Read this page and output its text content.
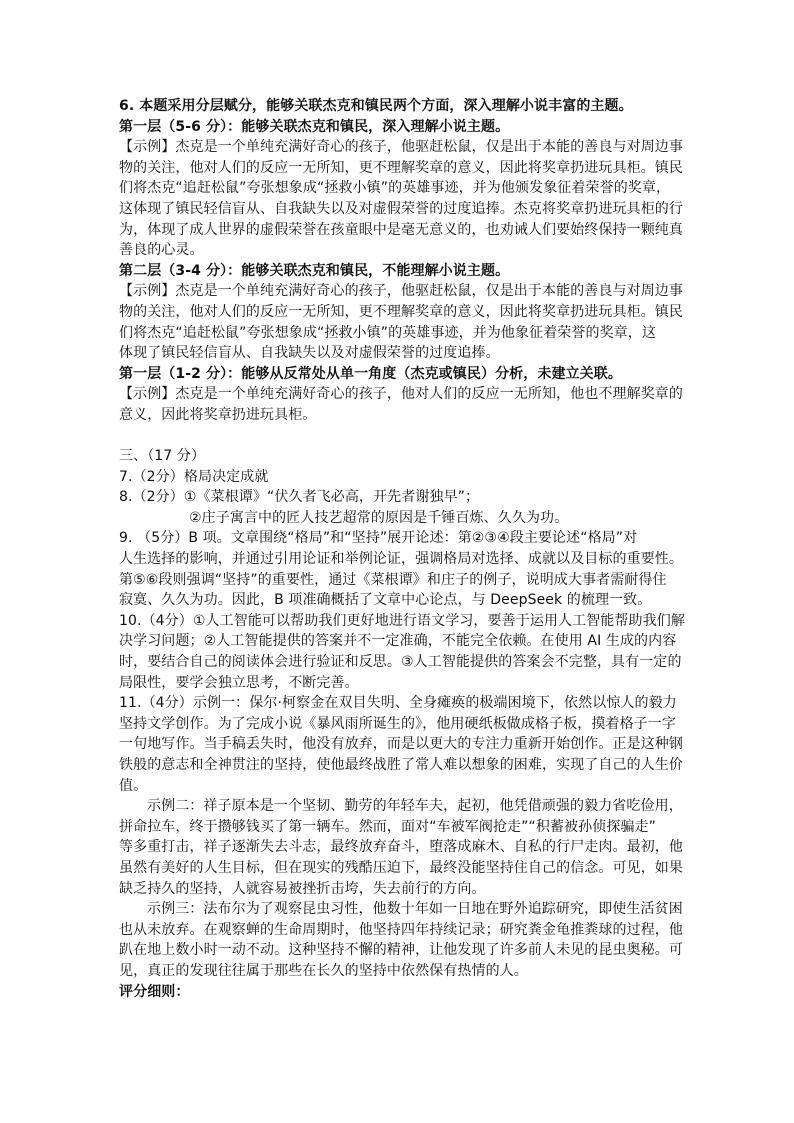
6. 本题采用分层赋分，能够关联杰克和镇民两个方面，深入理解小说丰富的主题。
第一层（5-6 分）：能够关联杰克和镇民，深入理解小说主题。
【示例】杰克是一个单纯充满好奇心的孩子，他驱赶松鼠，仅是出于本能的善良与对周边事
物的关注，他对人们的反应一无所知，更不理解奖章的意义，因此将奖章扔进玩具柜。镇民
们将杰克“追赶松鼠”夸张想象成“拯救小镇”的英雄事迹，并为他颁发象征着荣誉的奖章，
这体现了镇民轻信盲从、自我缺失以及对虚假荣誉的过度追捧。杰克将奖章扔进玩具柜的行
为，体现了成人世界的虚假荣誉在孩童眼中是毫无意义的，也劝诫人们要始终保持一颗纯真
善良的心灵。
第二层（3-4 分）：能够关联杰克和镇民，不能理解小说主题。
【示例】杰克是一个单纯充满好奇心的孩子，他驱赶松鼠，仅是出于本能的善良与对周边事
物的关注，他对人们的反应一无所知，更不理解奖章的意义，因此将奖章扔进玩具柜。镇民
们将杰克“追赶松鼠”夸张想象成“拯救小镇”的英雄事迹，并为他象征着荣誉的奖章，这
体现了镇民轻信盲从、自我缺失以及对虚假荣誉的过度追捧。
第一层（1-2 分）：能够从反常处从单一角度（杰克或镇民）分析，未建立关联。
【示例】杰克是一个单纯充满好奇心的孩子，他对人们的反应一无所知，他也不理解奖章的
意义，因此将奖章扔进玩具柜。
三、（17 分）
7.（2分）格局决定成就
8.（2分）①《菜根谭》“伏久者飞必高，开先者谢独早”；
②庄子寓言中的匠人技艺超常的原因是千锤百炼、久久为功。
9. （5分）B 项。文章围绕“格局”和“坚持”展开论述：第②③④段主要论述“格局”对
人生选择的影响，并通过引用论证和举例论证，强调格局对选择、成就以及目标的重要性。
第⑤⑥段则强调“坚持”的重要性，通过《菜根谭》和庄子的例子，说明成大事者需耐得住
寂寞、久久为功。因此，B 项准确概括了文章中心论点，与 DeepSeek 的梳理一致。
10.（4分）①人工智能可以帮助我们更好地进行语文学习，要善于运用人工智能帮助我们解
决学习问题；②人工智能提供的答案并不一定准确，不能完全依赖。在使用 AI 生成的内容
时，要结合自己的阅读体会进行验证和反思。③人工智能提供的答案会不完整，具有一定的
局限性，要学会独立思考，不断完善。
11.（4分）示例一：保尔·柯察金在双目失明、全身瘫痪的极端困境下，依然以惊人的毅力
坚持文学创作。为了完成小说《暴风雨所诞生的》，他用硬纸板做成格子板，摸着格子一字
一句地写作。当手稿丢失时，他没有放弃，而是以更大的专注力重新开始创作。正是这种钢
铁般的意志和全神贯注的坚持，使他最终战胜了常人难以想象的困难，实现了自己的人生价
值。
示例二：祥子原本是一个坚韧、勤劳的年轻车夫，起初，他凭借顽强的毅力省吃俭用，
拼命拉车，终于攒够钱买了第一辆车。然而，面对“车被军阀抢走”“积蓄被孙侦探骗走”
等多重打击，祥子逐渐失去斗志，最终放弃奋斗，堕落成麻木、自私的行尸走肉。最初，他
虽然有美好的人生目标，但在现实的残酷压迫下，最终没能坚持住自己的信念。可见，如果
缺乏持久的坚持，人就容易被挫折击垮，失去前行的方向。
示例三：法布尔为了观察昆虫习性，他数十年如一日地在野外追踪研究，即使生活贫困
也从未放弃。在观察蝉的生命周期时，他坚持四年持续记录；研究粪金龟推粪球的过程，他
趴在地上数小时一动不动。这种坚持不懈的精神，让他发现了许多前人未见的昆虫奥秘。可
见，真正的发现往往属于那些在长久的坚持中依然保有热情的人。
评分细则：
